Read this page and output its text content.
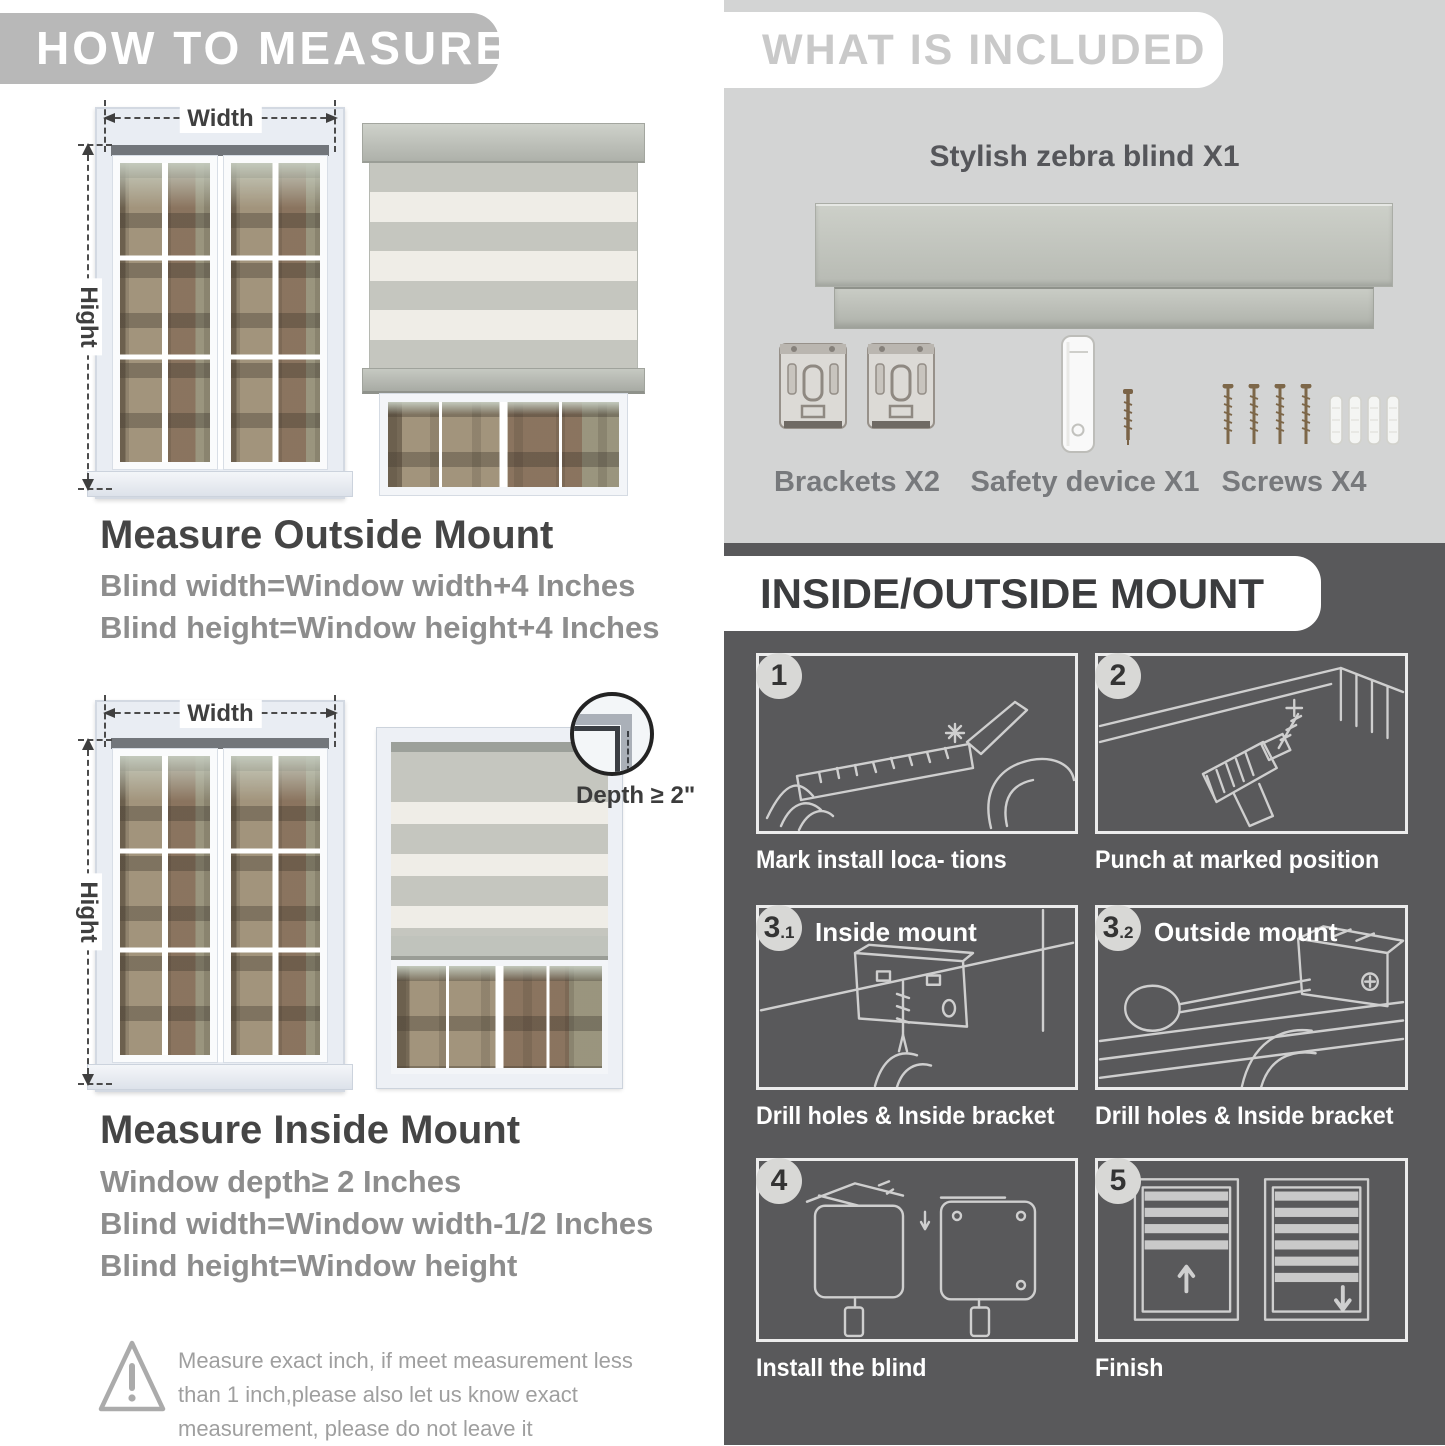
HOW TO MEASURE
Width
Hight
Measure Outside Mount
Blind width=Window width+4 Inches
Blind height=Window height+4 Inches
Width
Hight
Depth ≥ 2"
Measure Inside Mount
Window depth≥ 2 Inches
Blind width=Window width-1/2 Inches
Blind height=Window height
Measure exact inch, if meet measurement less
than 1 inch,please also let us know exact
measurement, please do not leave it
WHAT IS INCLUDED
Stylish zebra blind X1
Brackets X2 Safety device X1 Screws X4
INSIDE/OUTSIDE MOUNT
1
Mark install loca- tions
2
Punch at marked position
3 .1 Inside mount
Drill holes & Inside bracket
3 .2 Outside mount
Drill holes & Inside bracket
4
Install the blind
5
Finish
